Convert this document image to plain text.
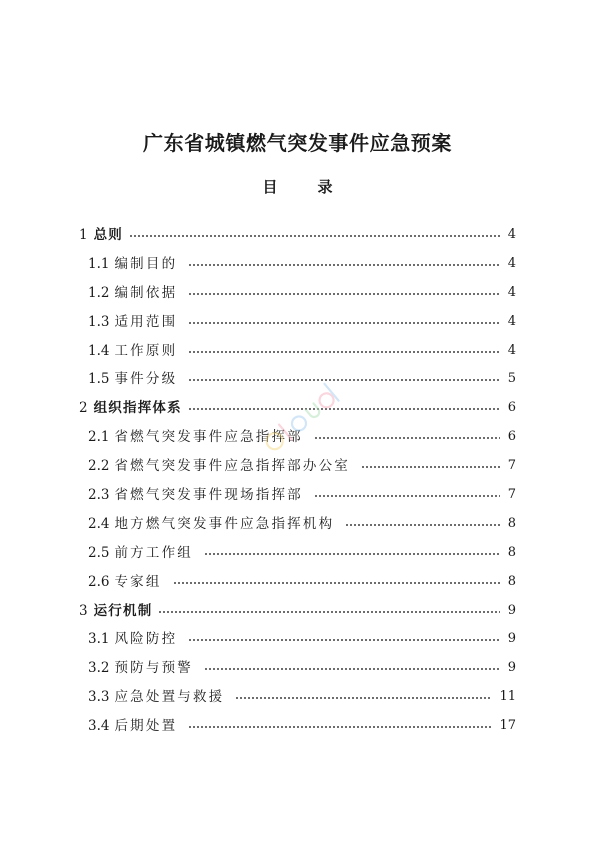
广东省城镇燃气突发事件应急预案
目录
1 总则	4
1.1 编制目的	4
1.2 编制依据	4
1.3 适用范围	4
1.4 工作原则	4
1.5 事件分级	5
2 组织指挥体系	6
2.1 省燃气突发事件应急指挥部	6
2.2 省燃气突发事件应急指挥部办公室	7
2.3 省燃气突发事件现场指挥部	7
2.4 地方燃气突发事件应急指挥机构	8
2.5 前方工作组	8
2.6 专家组	8
3 运行机制	9
3.1 风险防控	9
3.2 预防与预警	9
3.3 应急处置与救援	11
3.4 后期处置	17
